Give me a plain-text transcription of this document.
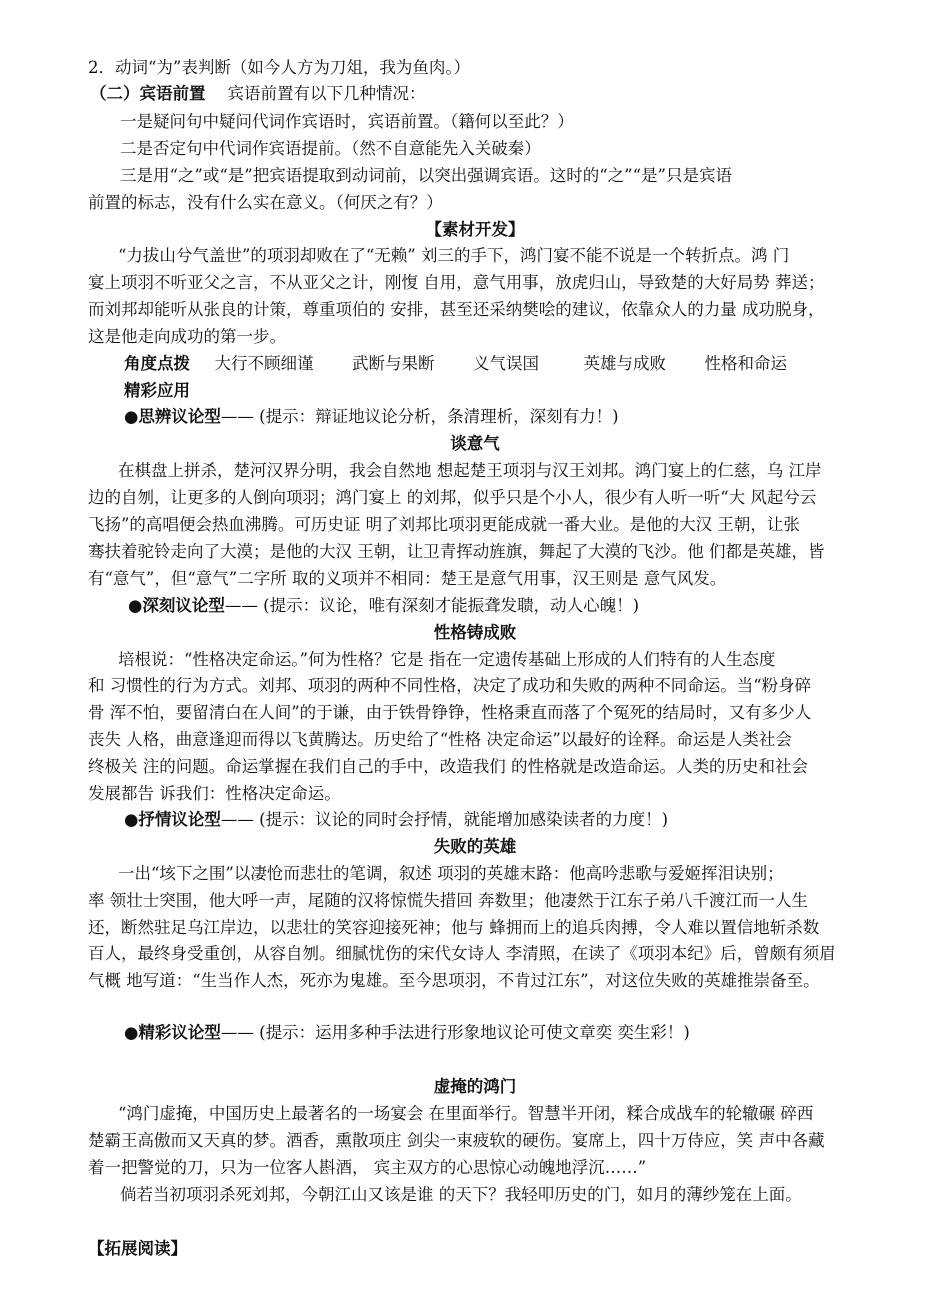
2．动词“为”表判断（如今人方为刀俎，我为鱼肉。）
（二）宾语前置 宾语前置有以下几种情况：
一是疑问句中疑问代词作宾语时，宾语前置。（籍何以至此？）
二是否定句中代词作宾语提前。（然不自意能先入关破秦）
三是用“之”或“是”把宾语提取到动词前，以突出强调宾语。这时的“之”“是”只是宾语
前置的标志，没有什么实在意义。（何厌之有？）
【素材开发】
“力拔山兮气盖世”的项羽却败在了“无赖” 刘三的手下，鸿门宴不能不说是一个转折点。鸿 门
宴上项羽不听亚父之言，不从亚父之计，刚愎 自用，意气用事，放虎归山，导致楚的大好局势 葬送；
而刘邦却能听从张良的计策，尊重项伯的 安排，甚至还采纳樊哙的建议，依靠众人的力量 成功脱身，
这是他走向成功的第一步。
角度点拨 大行不顾细谨 武断与果断 义气误国	英雄与成败 性格和命运
精彩应用
●思辨议论型—— (提示：辩证地议论分析，条清理析，深刻有力！)
谈意气
在棋盘上拼杀，楚河汉界分明，我会自然地 想起楚王项羽与汉王刘邦。鸿门宴上的仁慈，乌 江岸
边的自刎，让更多的人倒向项羽；鸿门宴上 的刘邦，似乎只是个小人，很少有人听一听“大 风起兮云
飞扬”的高唱便会热血沸腾。可历史证 明了刘邦比项羽更能成就一番大业。是他的大汉 王朝，让张
骞扶着驼铃走向了大漠；是他的大汉 王朝，让卫青挥动旌旗，舞起了大漠的飞沙。他 们都是英雄，皆
有“意气”，但“意气”二字所 取的义项并不相同：楚王是意气用事，汉王则是 意气风发。
●深刻议论型—— (提示：议论，唯有深刻才能振聋发聩，动人心魄！)
性格铸成败
培根说：“性格决定命运。”何为性格？它是 指在一定遗传基础上形成的人们特有的人生态度
和 习惯性的行为方式。刘邦、项羽的两种不同性格，决定了成功和失败的两种不同命运。当“粉身碎
骨 浑不怕，要留清白在人间”的于谦，由于铁骨铮铮，性格秉直而落了个冤死的结局时，又有多少人
丧失 人格，曲意逢迎而得以飞黄腾达。历史给了“性格 决定命运”以最好的诠释。命运是人类社会
终极关 注的问题。命运掌握在我们自己的手中，改造我们 的性格就是改造命运。人类的历史和社会
发展都告 诉我们：性格决定命运。
●抒情议论型—— (提示：议论的同时会抒情，就能增加感染读者的力度！)
失败的英雄
一出“垓下之围”以凄怆而悲壮的笔调，叙述 项羽的英雄末路：他高吟悲歌与爱姬挥泪诀别；
率 领壮士突围，他大呼一声，尾随的汉将惊慌失措回 奔数里；他凄然于江东子弟八千渡江而一人生
还，断然驻足乌江岸边，以悲壮的笑容迎接死神；他与 蜂拥而上的追兵肉搏，令人难以置信地斩杀数
百人，最终身受重创，从容自刎。细腻忧伤的宋代女诗人 李清照，在读了《项羽本纪》后，曾颇有须眉
气概 地写道：“生当作人杰，死亦为鬼雄。至今思项羽，不肯过江东”，对这位失败的英雄推崇备至。
●精彩议论型—— (提示：运用多种手法进行形象地议论可使文章奕 奕生彩！)
虚掩的鸿门
“鸿门虚掩，中国历史上最著名的一场宴会 在里面举行。智慧半开闭，糅合成战车的轮辙碾 碎西
楚霸王高傲而又天真的梦。酒香，熏散项庄 剑尖一束疲软的硬伤。宴席上，四十万侍应，笑 声中各藏
着一把警觉的刀，只为一位客人斟酒， 宾主双方的心思惊心动魄地浮沉……”
倘若当初项羽杀死刘邦，今朝江山又该是谁 的天下？我轻叩历史的门，如月的薄纱笼在上面。
【拓展阅读】
